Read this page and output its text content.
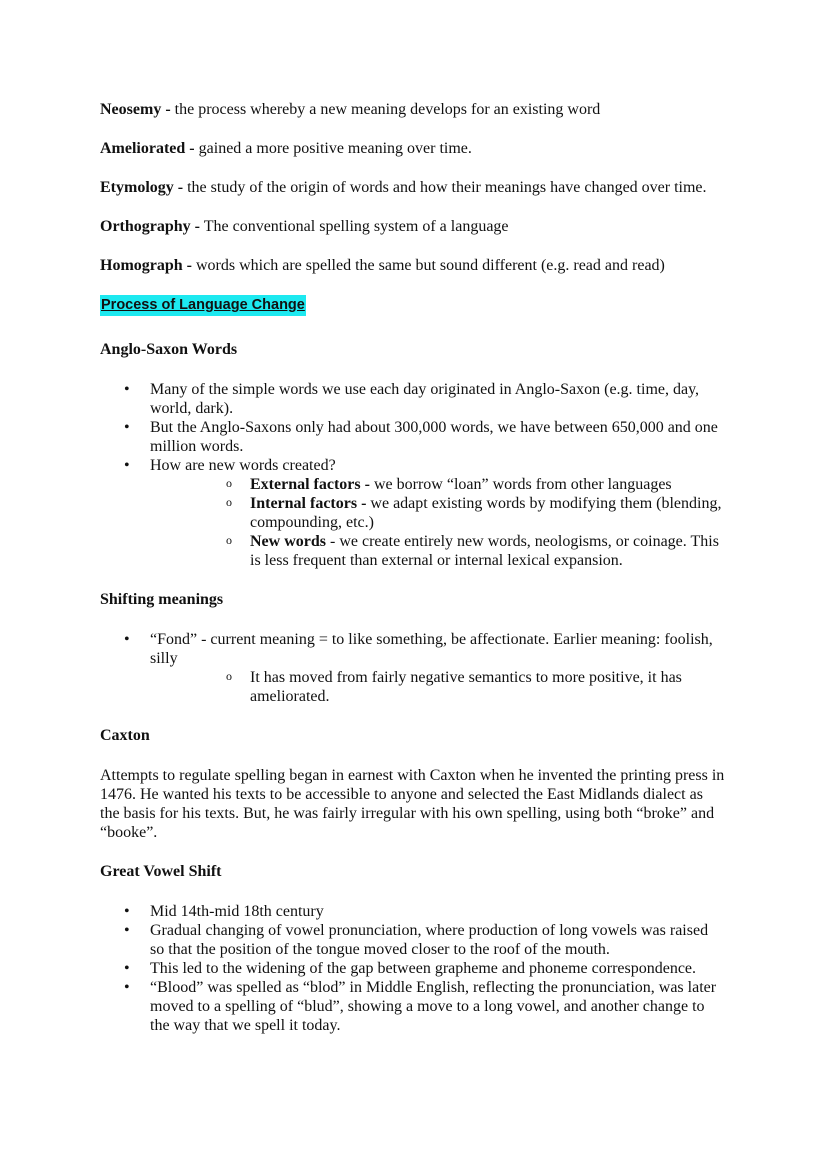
Neosemy - the process whereby a new meaning develops for an existing word

Ameliorated - gained a more positive meaning over time.

Etymology - the study of the origin of words and how their meanings have changed over time.

Orthography - The conventional spelling system of a language

Homograph - words which are spelled the same but sound different (e.g. read and read)

Process of Language Change

Anglo-Saxon Words
• Many of the simple words we use each day originated in Anglo-Saxon (e.g. time, day, world, dark).
• But the Anglo-Saxons only had about 300,000 words, we have between 650,000 and one million words.
• How are new words created?
o External factors - we borrow “loan” words from other languages
o Internal factors - we adapt existing words by modifying them (blending, compounding, etc.)
o New words - we create entirely new words, neologisms, or coinage. This is less frequent than external or internal lexical expansion.
Shifting meanings
• “Fond” - current meaning = to like something, be affectionate. Earlier meaning: foolish, silly
o It has moved from fairly negative semantics to more positive, it has ameliorated.
Caxton

Attempts to regulate spelling began in earnest with Caxton when he invented the printing press in 1476. He wanted his texts to be accessible to anyone and selected the East Midlands dialect as the basis for his texts. But, he was fairly irregular with his own spelling, using both “broke” and “booke”.

Great Vowel Shift
• Mid 14th-mid 18th century
• Gradual changing of vowel pronunciation, where production of long vowels was raised so that the position of the tongue moved closer to the roof of the mouth.
• This led to the widening of the gap between grapheme and phoneme correspondence.
• “Blood” was spelled as “blod” in Middle English, reflecting the pronunciation, was later moved to a spelling of “blud”, showing a move to a long vowel, and another change to the way that we spell it today.
